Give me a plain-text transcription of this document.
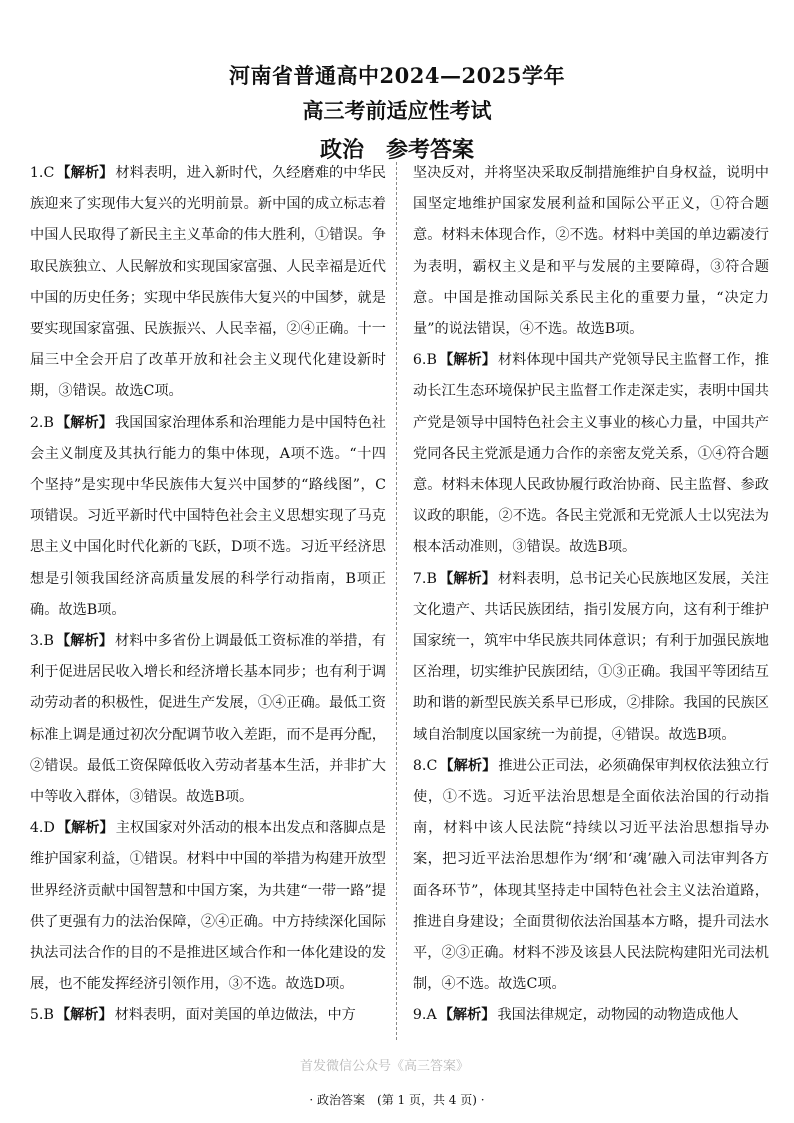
河南省普通高中2024—2025学年
高三考前适应性考试
政治　参考答案

1.C 【解析】 材料表明，进入新时代，久经磨难的中华民族迎来了实现伟大复兴的光明前景。新中国的成立标志着中国人民取得了新民主主义革命的伟大胜利，①错误。争取民族独立、人民解放和实现国家富强、人民幸福是近代中国的历史任务；实现中华民族伟大复兴的中国梦，就是要实现国家富强、民族振兴、人民幸福，②④正确。十一届三中全会开启了改革开放和社会主义现代化建设新时期，③错误。故选C项。

2.B 【解析】 我国国家治理体系和治理能力是中国特色社会主义制度及其执行能力的集中体现，A项不选。“十四个坚持”是实现中华民族伟大复兴中国梦的“路线图”，C项错误。习近平新时代中国特色社会主义思想实现了马克思主义中国化时代化新的飞跃，D项不选。习近平经济思想是引领我国经济高质量发展的科学行动指南，B项正确。故选B项。

3.B 【解析】 材料中多省份上调最低工资标准的举措，有利于促进居民收入增长和经济增长基本同步；也有利于调动劳动者的积极性，促进生产发展，①④正确。最低工资标准上调是通过初次分配调节收入差距，而不是再分配，②错误。最低工资保障低收入劳动者基本生活，并非扩大中等收入群体，③错误。故选B项。

4.D 【解析】 主权国家对外活动的根本出发点和落脚点是维护国家利益，①错误。材料中中国的举措为构建开放型世界经济贡献中国智慧和中国方案，为共建“一带一路”提供了更强有力的法治保障，②④正确。中方持续深化国际执法司法合作的目的不是推进区域合作和一体化建设的发展，也不能发挥经济引领作用，③不选。故选D项。

5.B 【解析】 材料表明，面对美国的单边做法，中方

坚决反对，并将坚决采取反制措施维护自身权益，说明中国坚定地维护国家发展利益和国际公平正义，①符合题意。材料未体现合作，②不选。材料中美国的单边霸凌行为表明，霸权主义是和平与发展的主要障碍，③符合题意。中国是推动国际关系民主化的重要力量，“决定力量”的说法错误，④不选。故选B项。

6.B 【解析】 材料体现中国共产党领导民主监督工作，推动长江生态环境保护民主监督工作走深走实，表明中国共产党是领导中国特色社会主义事业的核心力量，中国共产党同各民主党派是通力合作的亲密友党关系，①④符合题意。材料未体现人民政协履行政治协商、民主监督、参政议政的职能，②不选。各民主党派和无党派人士以宪法为根本活动准则，③错误。故选B项。

7.B 【解析】 材料表明，总书记关心民族地区发展，关注文化遗产、共话民族团结，指引发展方向，这有利于维护国家统一，筑牢中华民族共同体意识；有利于加强民族地区治理，切实维护民族团结，①③正确。我国平等团结互助和谐的新型民族关系早已形成，②排除。我国的民族区域自治制度以国家统一为前提，④错误。故选B项。

8.C 【解析】 推进公正司法，必须确保审判权依法独立行使，①不选。习近平法治思想是全面依法治国的行动指南，材料中该人民法院“持续以习近平法治思想指导办案，把习近平法治思想作为‘纲’和‘魂’融入司法审判各方面各环节”，体现其坚持走中国特色社会主义法治道路，推进自身建设；全面贯彻依法治国基本方略，提升司法水平，②③正确。材料不涉及该县人民法院构建阳光司法机制，④不选。故选C项。

9.A 【解析】 我国法律规定，动物园的动物造成他人

首发微信公众号《高三答案》
· 政治答案　(第 1 页，共 4 页) ·
